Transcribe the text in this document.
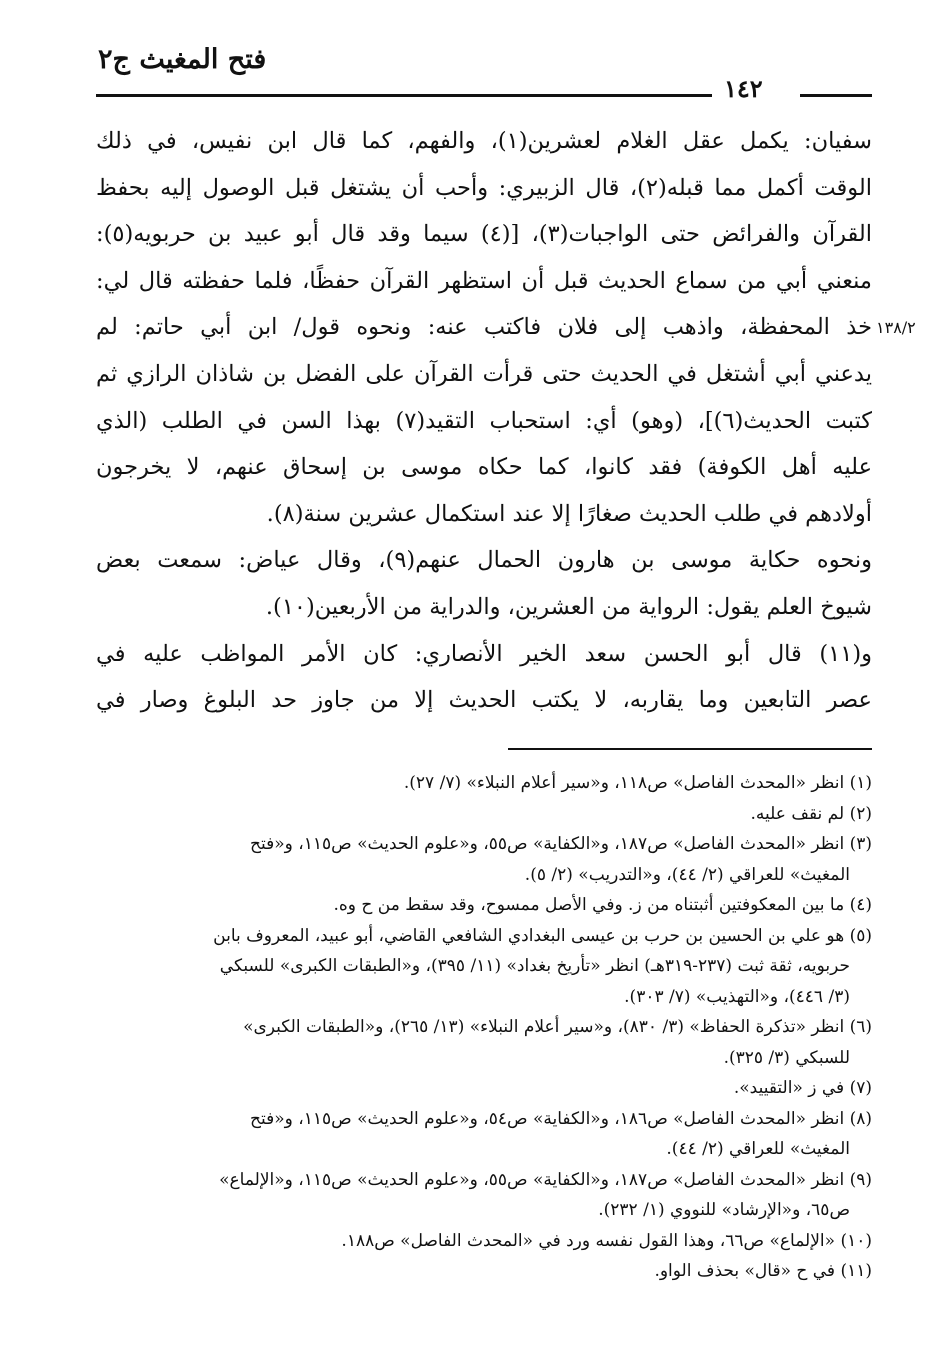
فتح المغيث ج٢
١٤٢
١٣٨/٢
سفيان: يكمل عقل الغلام لعشرين(١)، والفهم، كما قال ابن نفيس، في ذلك
الوقت أكمل مما قبله(٢)، قال الزبيري: وأحب أن يشتغل قبل الوصول إليه بحفظ
القرآن والفرائض حتى الواجبات(٣)، [(٤) سيما وقد قال أبو عبيد بن حربويه(٥):
منعني أبي من سماع الحديث قبل أن استظهر القرآن حفظًا، فلما حفظته قال لي:
خذ المحفظة، واذهب إلى فلان فاكتب عنه: ونحوه قول/ ابن أبي حاتم: لم
يدعني أبي أشتغل في الحديث حتى قرأت القرآن على الفضل بن شاذان الرازي ثم
كتبت الحديث(٦)]، (وهو) أي: استحباب التقيد(٧) بهذا السن في الطلب (الذي
عليه أهل الكوفة) فقد كانوا، كما حكاه موسى بن إسحاق عنهم، لا يخرجون
أولادهم في طلب الحديث صغارًا إلا عند استكمال عشرين سنة(٨).
ونحوه حكاية موسى بن هارون الحمال عنهم(٩)، وقال عياض: سمعت بعض
شيوخ العلم يقول: الرواية من العشرين، والدراية من الأربعين(١٠).
و(١١) قال أبو الحسن سعد الخير الأنصاري: كان الأمر المواظب عليه في
عصر التابعين وما يقاربه، لا يكتب الحديث إلا من جاوز حد البلوغ وصار في
(١) انظر «المحدث الفاصل» ص١١٨، و«سير أعلام النبلاء» (٧/ ٢٧).
(٢) لم نقف عليه.
(٣) انظر «المحدث الفاصل» ص١٨٧، و«الكفاية» ص٥٥، و«علوم الحديث» ص١١٥، و«فتح
المغيث» للعراقي (٢/ ٤٤)، و«التدريب» (٢/ ٥).
(٤) ما بين المعكوفتين أثبتناه من ز. وفي الأصل ممسوح، وقد سقط من ح وه.
(٥) هو علي بن الحسين بن حرب بن عيسى البغدادي الشافعي القاضي، أبو عبيد، المعروف بابن
حربويه، ثقة ثبت (٢٣٧-٣١٩هـ) انظر «تأريخ بغداد» (١١/ ٣٩٥)، و«الطبقات الكبرى» للسبكي
(٣/ ٤٤٦)، و«التهذيب» (٧/ ٣٠٣).
(٦) انظر «تذكرة الحفاظ» (٣/ ٨٣٠)، و«سير أعلام النبلاء» (١٣/ ٢٦٥)، و«الطبقات الكبرى»
للسبكي (٣/ ٣٢٥).
(٧) في ز «التقييد».
(٨) انظر «المحدث الفاصل» ص١٨٦، و«الكفاية» ص٥٤، و«علوم الحديث» ص١١٥، و«فتح
المغيث» للعراقي (٢/ ٤٤).
(٩) انظر «المحدث الفاصل» ص١٨٧، و«الكفاية» ص٥٥، و«علوم الحديث» ص١١٥، و«الإلماع»
ص٦٥، و«الإرشاد» للنووي (١/ ٢٣٢).
(١٠) «الإلماع» ص٦٦، وهذا القول نفسه ورد في «المحدث الفاصل» ص١٨٨.
(١١) في ح «قال» بحذف الواو.
